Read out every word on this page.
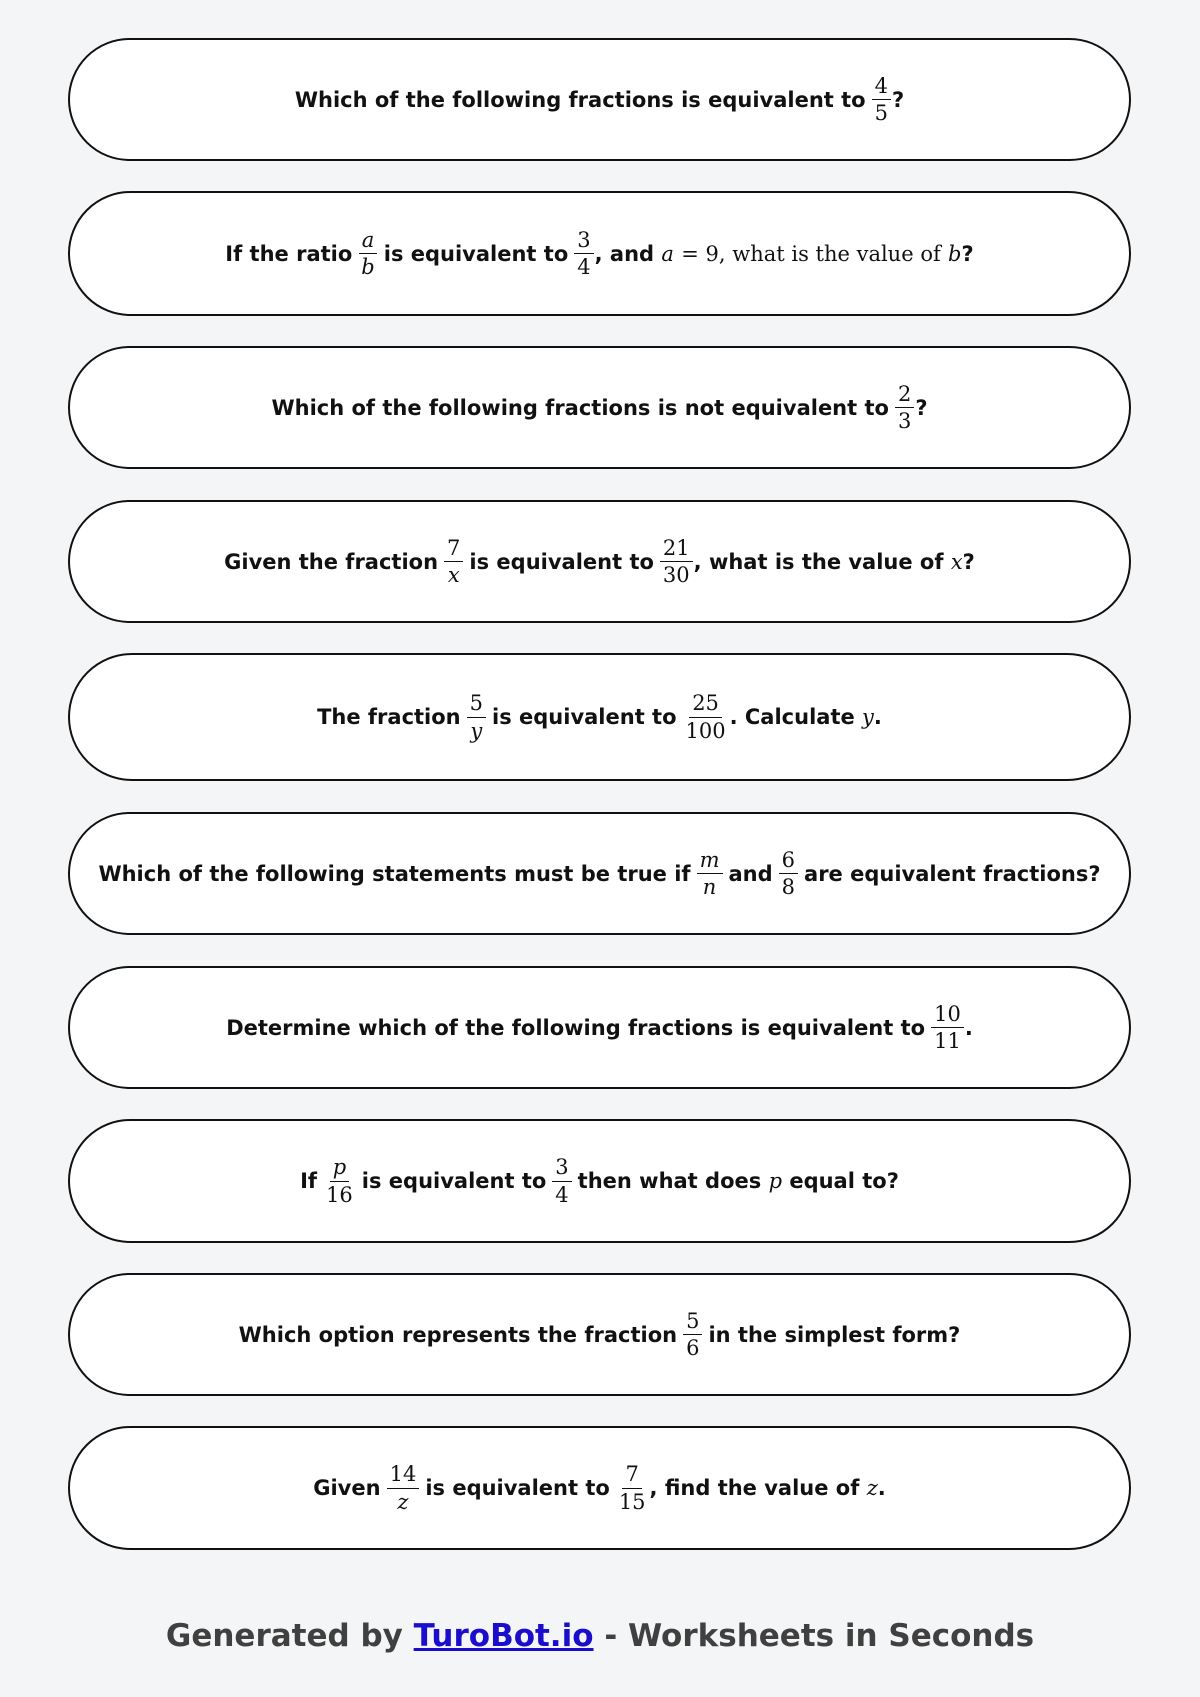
Which of the following fractions is equivalent to $\frac{4}{5}$ ?
If the ratio $\frac{a}{b}$ is equivalent to $\frac{3}{4}$ , and
a
= 9, what is the value of
b ?
Which of the following fractions is not equivalent to $\frac{2}{3}$ ?
Given the fraction $\frac{7}{x}$ is equivalent to $\frac{21}{30}$ , what is the value of
x ?
The fraction $\frac{5}{y}$ is equivalent to $\frac{25}{100}$ . Calculate
y .
Which of the following statements must be true if $\frac{m}{n}$ and $\frac{6}{8}$ are equivalent fractions?
Determine which of the following fractions is equivalent to $\frac{10}{11}$ .
If $\frac{p}{16}$ is equivalent to $\frac{3}{4}$ then what does
p
equal to?
Which option represents the fraction $\frac{5}{6}$ in the simplest form?
Given $\frac{14}{z}$ is equivalent to $\frac{7}{15}$ , find the value of
z .
Generated by TuroBot.io - Worksheets in Seconds
